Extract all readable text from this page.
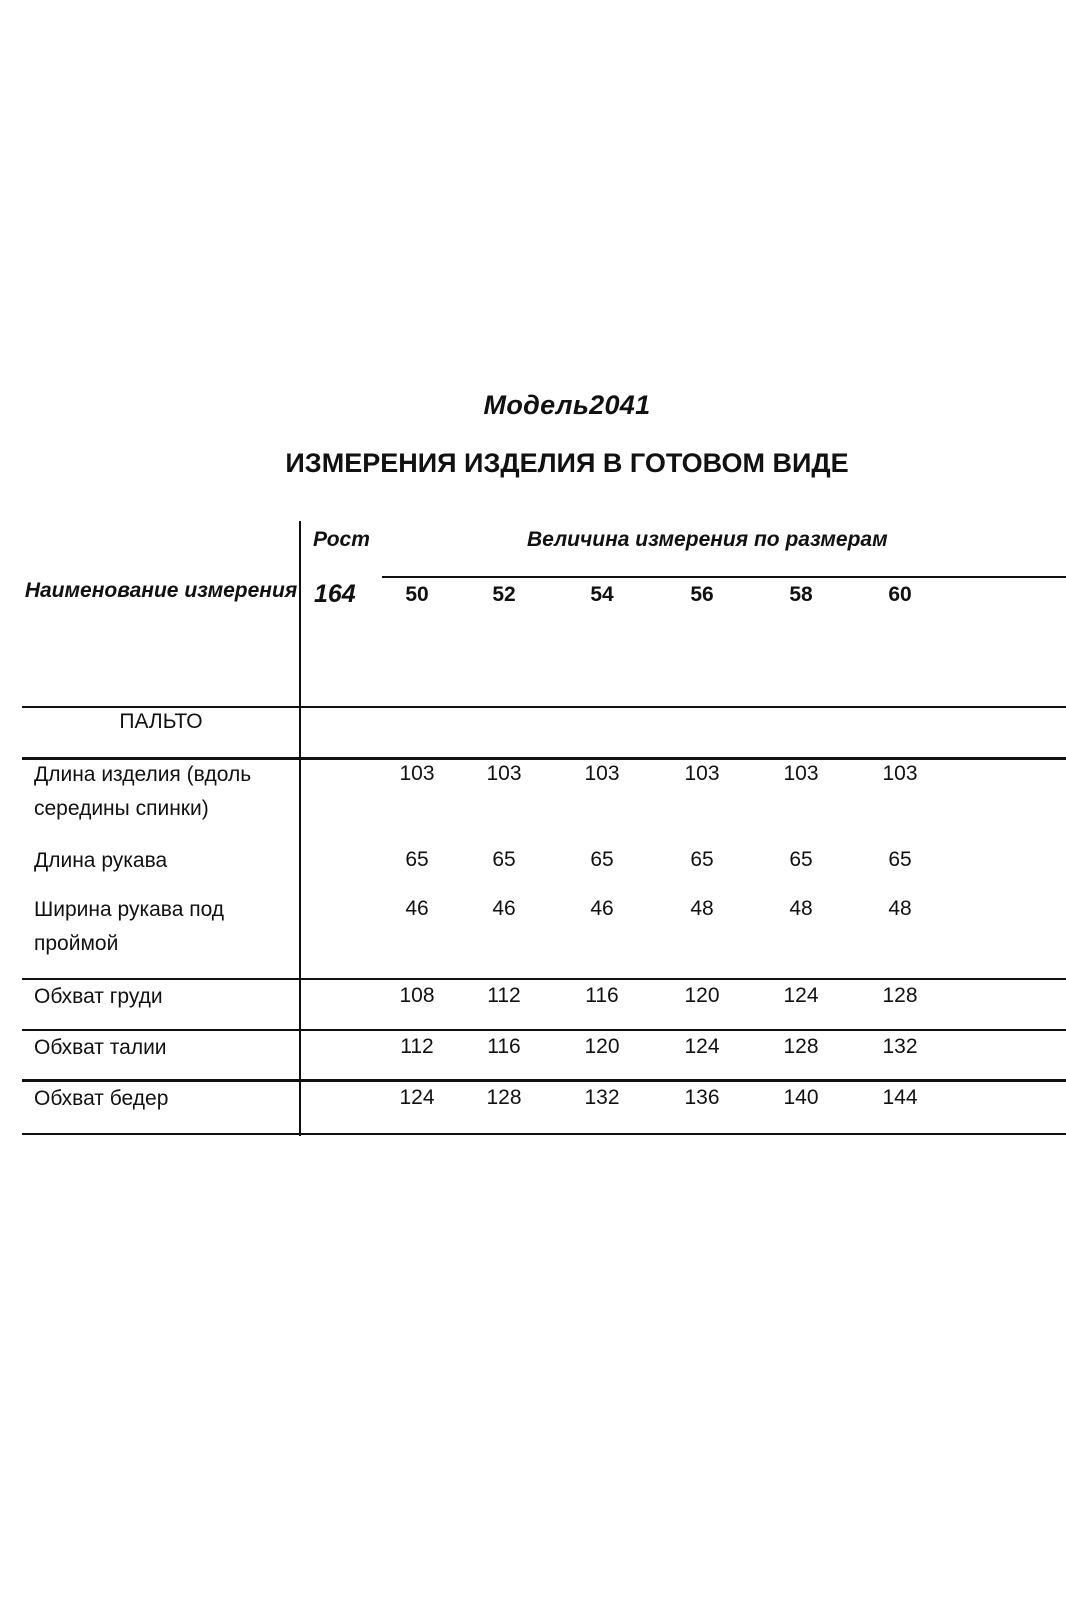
Модель2041
ИЗМЕРЕНИЯ ИЗДЕЛИЯ В ГОТОВОМ ВИДЕ
Наименование измерения
Рост
164
Величина измерения по размерам
50	52	54	56	58	60
ПАЛЬТО
Длина изделия (вдоль середины спинки)
103	103	103	103	103	103
Длина рукава	65	65	65	65	65	65
Ширина рукава под проймой
46	46	46	48	48	48
Обхват груди	108	112	116	120	124	128
Обхват талии	112	116	120	124	128	132
Обхват бедер	124	128	132	136	140	144
